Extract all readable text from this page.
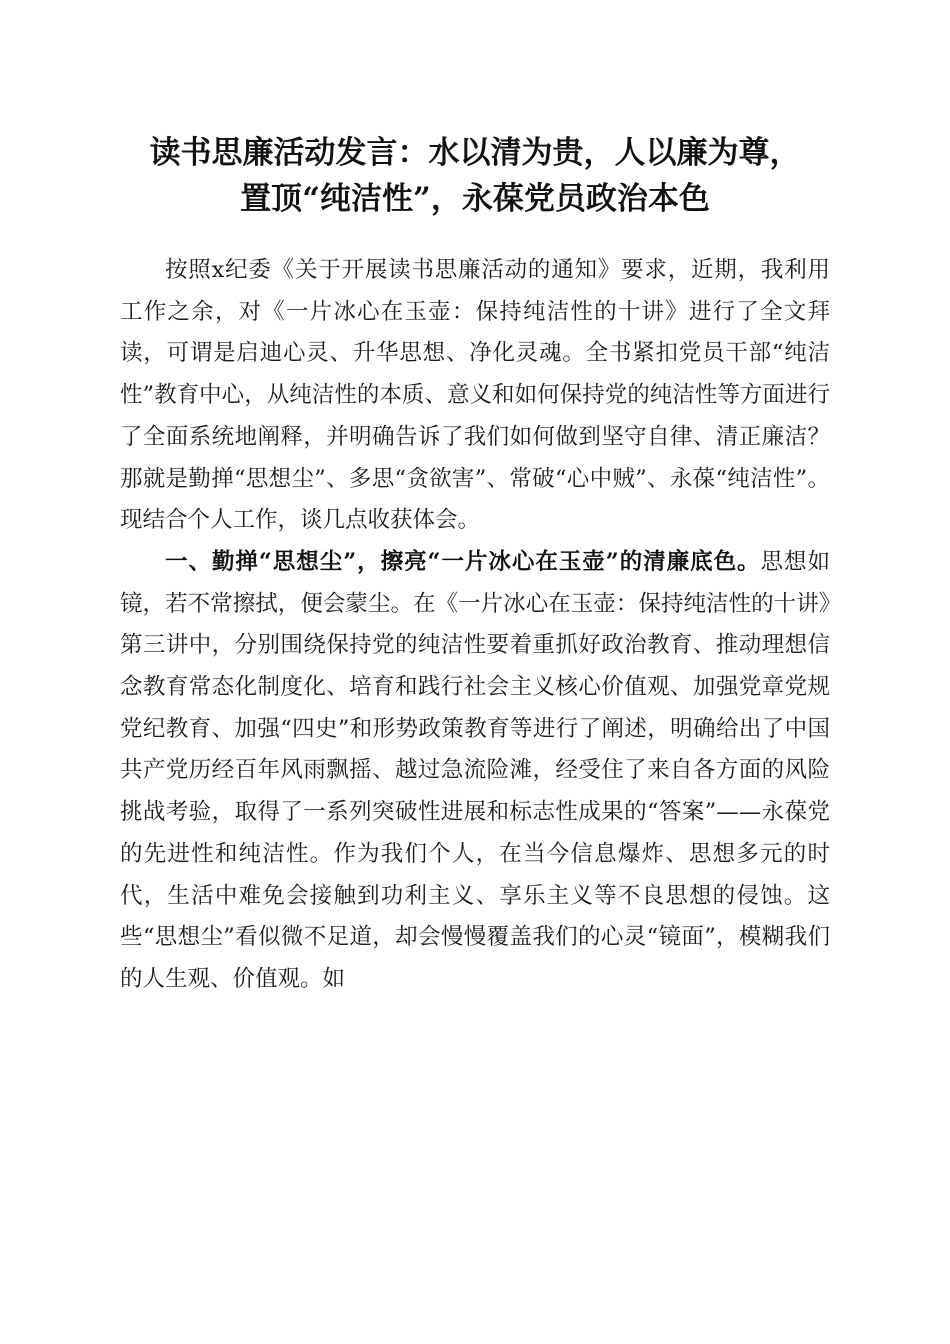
读书思廉活动发言：水以清为贵，人以廉为尊，
置顶“纯洁性”，永葆党员政治本色

按照x纪委《关于开展读书思廉活动的通知》要求，近期，我利用工作之余，对《一片冰心在玉壶：保持纯洁性的十讲》进行了全文拜读，可谓是启迪心灵、升华思想、净化灵魂。全书紧扣党员干部“纯洁性”教育中心，从纯洁性的本质、意义和如何保持党的纯洁性等方面进行了全面系统地阐释，并明确告诉了我们如何做到坚守自律、清正廉洁？那就是勤掸“思想尘”、多思“贪欲害”、常破“心中贼”、永葆“纯洁性”。现结合个人工作，谈几点收获体会。

一、勤掸“思想尘”，擦亮“一片冰心在玉壶”的清廉底色。思想如镜，若不常擦拭，便会蒙尘。在《一片冰心在玉壶：保持纯洁性的十讲》第三讲中，分别围绕保持党的纯洁性要着重抓好政治教育、推动理想信念教育常态化制度化、培育和践行社会主义核心价值观、加强党章党规党纪教育、加强“四史”和形势政策教育等进行了阐述，明确给出了中国共产党历经百年风雨飘摇、越过急流险滩，经受住了来自各方面的风险挑战考验，取得了一系列突破性进展和标志性成果的“答案”——永葆党的先进性和纯洁性。作为我们个人，在当今信息爆炸、思想多元的时代，生活中难免会接触到功利主义、享乐主义等不良思想的侵蚀。这些“思想尘”看似微不足道，却会慢慢覆盖我们的心灵“镜面”，模糊我们的人生观、价值观。如
